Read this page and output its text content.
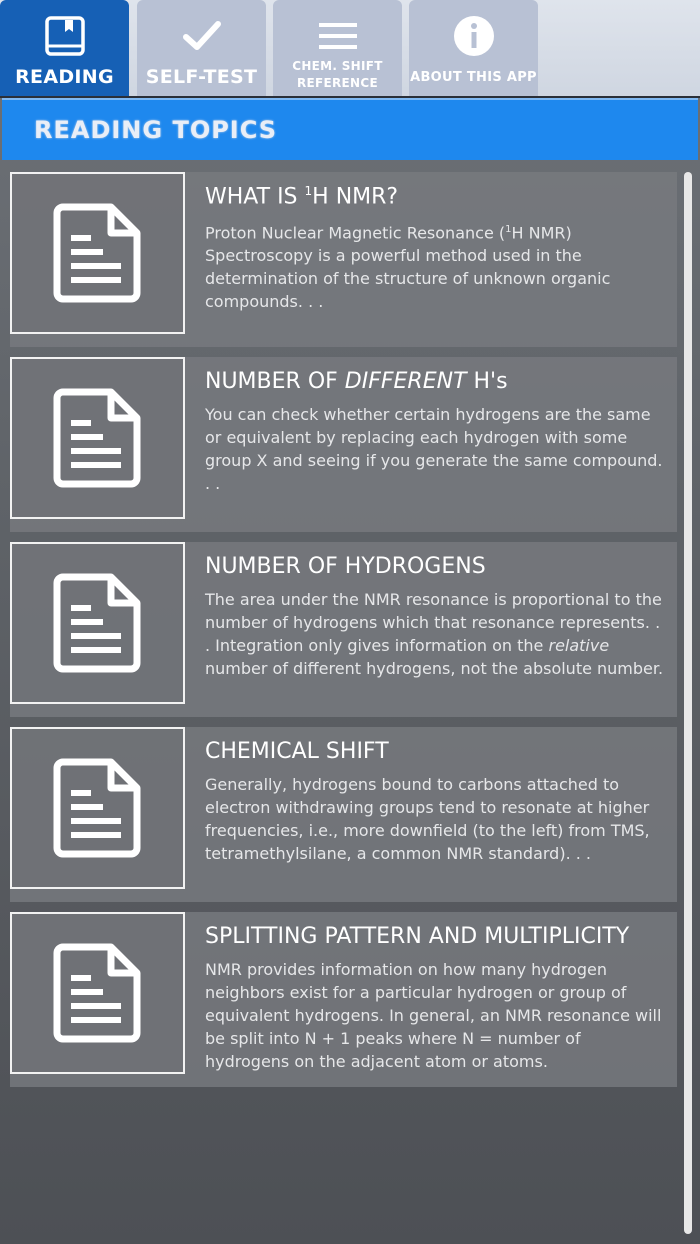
READING SELF-TEST	CHEM. SHIFT
REFERENCE ABOUT THIS APP
READING TOPICS
WHAT IS $^1$H NMR?
Proton Nuclear Magnetic Resonance ($^1$H NMR) Spectroscopy is a powerful method used in the determination of the structure of unknown organic compounds. . .
NUMBER OF DIFFERENT H's
You can check whether certain hydrogens are the same or equivalent by replacing each hydrogen with some group X and seeing if you generate the same compound. . .
NUMBER OF HYDROGENS
The area under the NMR resonance is proportional to the number of hydrogens which that resonance represents. . . Integration only gives information on the relative number of different hydrogens, not the absolute number.
CHEMICAL SHIFT
Generally, hydrogens bound to carbons attached to electron withdrawing groups tend to resonate at higher frequencies, i.e., more downfield (to the left) from TMS, tetramethylsilane, a common NMR standard). . .
SPLITTING PATTERN AND MULTIPLICITY
NMR provides information on how many hydrogen neighbors exist for a particular hydrogen or group of equivalent hydrogens. In general, an NMR resonance will be split into N + 1 peaks where N = number of hydrogens on the adjacent atom or atoms.
